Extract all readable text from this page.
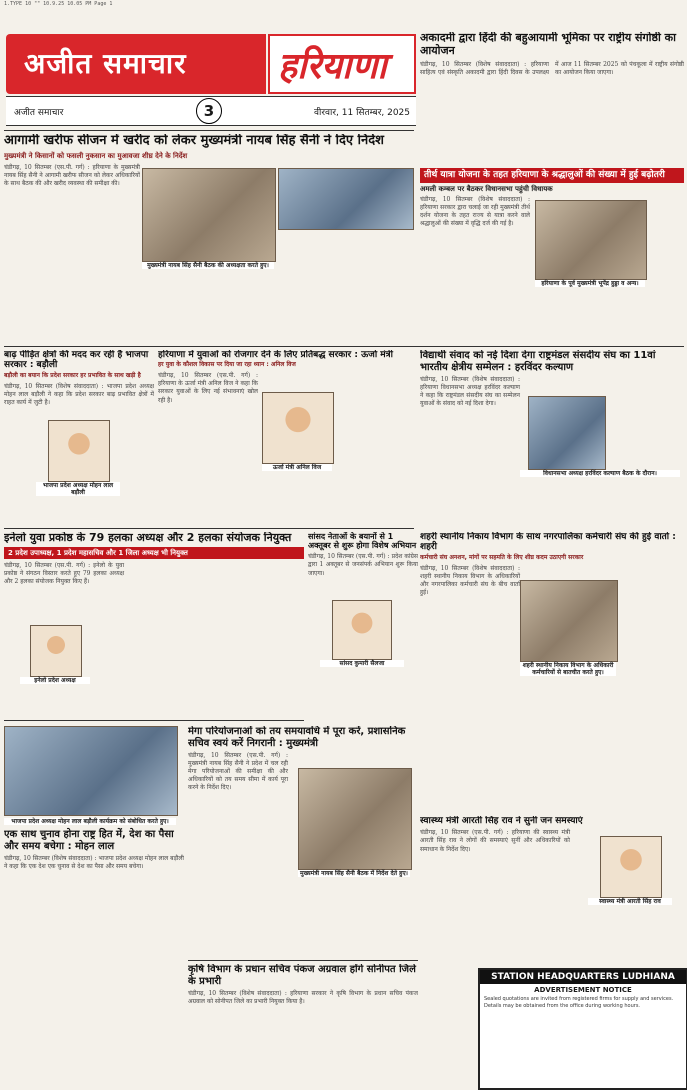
1.TYPE 10 "" 10.9.25 10.05 PM Page 1
अजीत समाचार	हरियाणा
अजीत समाचार	3	वीरवार, 11 सितम्बर, 2025
अकादमी द्वारा हिंदी की बहुआयामी भूमिका पर राष्ट्रीय संगोष्ठी का आयोजन
चंडीगढ़, 10 सितम्बर (विशेष संवाददाता) : हरियाणा साहित्य एवं संस्कृति अकादमी द्वारा हिंदी दिवस के उपलक्ष्य में आज 11 सितम्बर 2025 को पंचकूला में राष्ट्रीय संगोष्ठी का आयोजन किया जाएगा।
आगामी खरीफ सीजन में खरीद को लेकर मुख्यमंत्री नायब सिंह सैनी ने दिए निर्देश
मुख्यमंत्री ने किसानों को फसली नुकसान का मुआवजा शीघ्र देने के निर्देश
चंडीगढ़, 10 सितम्बर (एस.पी. गर्ग) : हरियाणा के मुख्यमंत्री नायब सिंह सैनी ने आगामी खरीफ सीजन को लेकर अधिकारियों के साथ बैठक की और खरीद व्यवस्था की समीक्षा की।
मुख्यमंत्री नायब सिंह सैनी बैठक की अध्यक्षता करते हुए।
तीर्थ यात्रा योजना के तहत हरियाणा के श्रद्धालुओं की संख्या में हुई बढ़ोतरी
अमली कम्बल पर बैठकर विधानसभा पहुंची विधायक
चंडीगढ़, 10 सितम्बर (विशेष संवाददाता) : हरियाणा सरकार द्वारा चलाई जा रही मुख्यमंत्री तीर्थ दर्शन योजना के तहत राज्य से यात्रा करने वाले श्रद्धालुओं की संख्या में वृद्धि दर्ज की गई है।
हरियाणा के पूर्व मुख्यमंत्री भूपेंद्र हुड्डा व अन्य।
बाढ़ पीड़ित क्षेत्रों की मदद कर रही है भाजपा सरकार : बड़ौली
बड़ौली का बयान कि प्रदेश सरकार हर प्रभावित के साथ खड़ी है
चंडीगढ़, 10 सितम्बर (विशेष संवाददाता) : भाजपा प्रदेश अध्यक्ष मोहन लाल बड़ौली ने कहा कि प्रदेश सरकार बाढ़ प्रभावित क्षेत्रों में राहत कार्य में जुटी है।
भाजपा प्रदेश अध्यक्ष मोहन लाल बड़ौली
हरियाणा में युवाओं को रोजगार देने के लिए प्रतिबद्ध सरकार : ऊर्जा मंत्री
हर युवा के कौशल विकास पर दिया जा रहा ध्यान : अनिल विज
चंडीगढ़, 10 सितम्बर (एस.पी. गर्ग) : हरियाणा के ऊर्जा मंत्री अनिल विज ने कहा कि सरकार युवाओं के लिए नई संभावनाएं खोल रही है।
ऊर्जा मंत्री अनिल विज
विद्यार्थी संवाद को नई दिशा देगा राष्ट्रमंडल संसदीय संघ का 11वां भारतीय क्षेत्रीय सम्मेलन : हरविंदर कल्याण
चंडीगढ़, 10 सितम्बर (विशेष संवाददाता) : हरियाणा विधानसभा अध्यक्ष हरविंदर कल्याण ने कहा कि राष्ट्रमंडल संसदीय संघ का सम्मेलन युवाओं के संवाद को नई दिशा देगा।
विधानसभा अध्यक्ष हरविंदर कल्याण बैठक के दौरान।
इनेलो युवा प्रकोष्ठ के 79 हलका अध्यक्ष और 2 हलका संयोजक नियुक्त
2 प्रदेश उपाध्यक्ष, 1 प्रदेश महासचिव और 1 जिला अध्यक्ष भी नियुक्त
चंडीगढ़, 10 सितम्बर (एस.पी. गर्ग) : इनेलो के युवा प्रकोष्ठ ने संगठन विस्तार करते हुए 79 हलका अध्यक्ष और 2 हलका संयोजक नियुक्त किए हैं।
इनेलो प्रदेश अध्यक्ष
सांसद नेताओं के बयानों से 1 अक्तूबर से शुरू होगा विशेष अभियान
चंडीगढ़, 10 सितम्बर (एस.पी. गर्ग) : प्रदेश कांग्रेस द्वारा 1 अक्तूबर से जनसंपर्क अभियान शुरू किया जाएगा।
सांसद कुमारी सैलजा
शहरी स्थानीय निकाय विभाग के साथ नगरपालिका कर्मचारी संघ की हुई वार्ता : शहरी
कर्मचारी संघ अनशन, मांगों पर सहमति के लिए शीघ्र कदम उठाएगी सरकार
चंडीगढ़, 10 सितम्बर (विशेष संवाददाता) : शहरी स्थानीय निकाय विभाग के अधिकारियों और नगरपालिका कर्मचारी संघ के बीच वार्ता हुई।
शहरी स्थानीय निकाय विभाग के अधिकारी कर्मचारियों से बातचीत करते हुए।
भाजपा प्रदेश अध्यक्ष मोहन लाल बड़ौली कार्यक्रम को संबोधित करते हुए।
एक साथ चुनाव होना राष्ट्र हित में, देश का पैसा और समय बचेगा : मोहन लाल
चंडीगढ़, 10 सितम्बर (विशेष संवाददाता) : भाजपा प्रदेश अध्यक्ष मोहन लाल बड़ौली ने कहा कि एक देश एक चुनाव से देश का पैसा और समय बचेगा।
मेगा परियोजनाओं को तय समयावधि में पूरा करें, प्रशासनिक सचिव स्वयं करें निगरानी : मुख्यमंत्री
चंडीगढ़, 10 सितम्बर (एस.पी. गर्ग) : मुख्यमंत्री नायब सिंह सैनी ने प्रदेश में चल रही मेगा परियोजनाओं की समीक्षा की और अधिकारियों को तय समय सीमा में कार्य पूरा करने के निर्देश दिए।
मुख्यमंत्री नायब सिंह सैनी बैठक में निर्देश देते हुए।
स्वास्थ्य मंत्री आरती सिंह राव ने सुनी जन समस्याएं
चंडीगढ़, 10 सितम्बर (एस.पी. गर्ग) : हरियाणा की स्वास्थ्य मंत्री आरती सिंह राव ने लोगों की समस्याएं सुनीं और अधिकारियों को समाधान के निर्देश दिए।
स्वास्थ्य मंत्री आरती सिंह राव
कृषि विभाग के प्रधान सचिव पंकज अग्रवाल होंगे सोनीपत जिले के प्रभारी
चंडीगढ़, 10 सितम्बर (विशेष संवाददाता) : हरियाणा सरकार ने कृषि विभाग के प्रधान सचिव पंकज अग्रवाल को सोनीपत जिले का प्रभारी नियुक्त किया है।
STATION HEADQUARTERS LUDHIANA
ADVERTISEMENT NOTICE
Sealed quotations are invited from registered firms for supply and services. Details may be obtained from the office during working hours.
